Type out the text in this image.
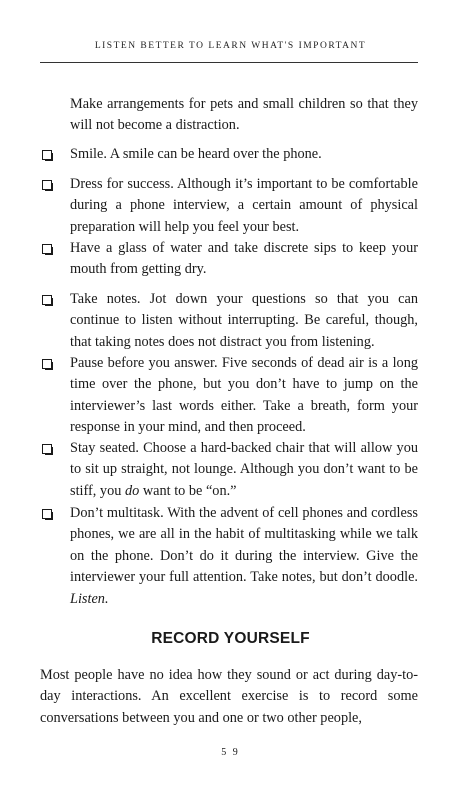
LISTEN BETTER TO LEARN WHAT'S IMPORTANT

Make arrangements for pets and small children so that they will not become a distraction.

Smile. A smile can be heard over the phone.

Dress for success. Although it’s important to be comfortable during a phone interview, a certain amount of physical preparation will help you feel your best.

Have a glass of water and take discrete sips to keep your mouth from getting dry.

Take notes. Jot down your questions so that you can continue to listen without interrupting. Be careful, though, that taking notes does not distract you from listening.

Pause before you answer. Five seconds of dead air is a long time over the phone, but you don’t have to jump on the interviewer’s last words either. Take a breath, form your response in your mind, and then proceed.

Stay seated. Choose a hard-backed chair that will allow you to sit up straight, not lounge. Although you don’t want to be stiff, you do want to be “on.”

Don’t multitask. With the advent of cell phones and cordless phones, we are all in the habit of multitasking while we talk on the phone. Don’t do it during the interview. Give the interviewer your full attention. Take notes, but don’t doodle. Listen.

RECORD YOURSELF

Most people have no idea how they sound or act during day-to-day interactions. An excellent exercise is to record some conversations between you and one or two other people,

5 9
